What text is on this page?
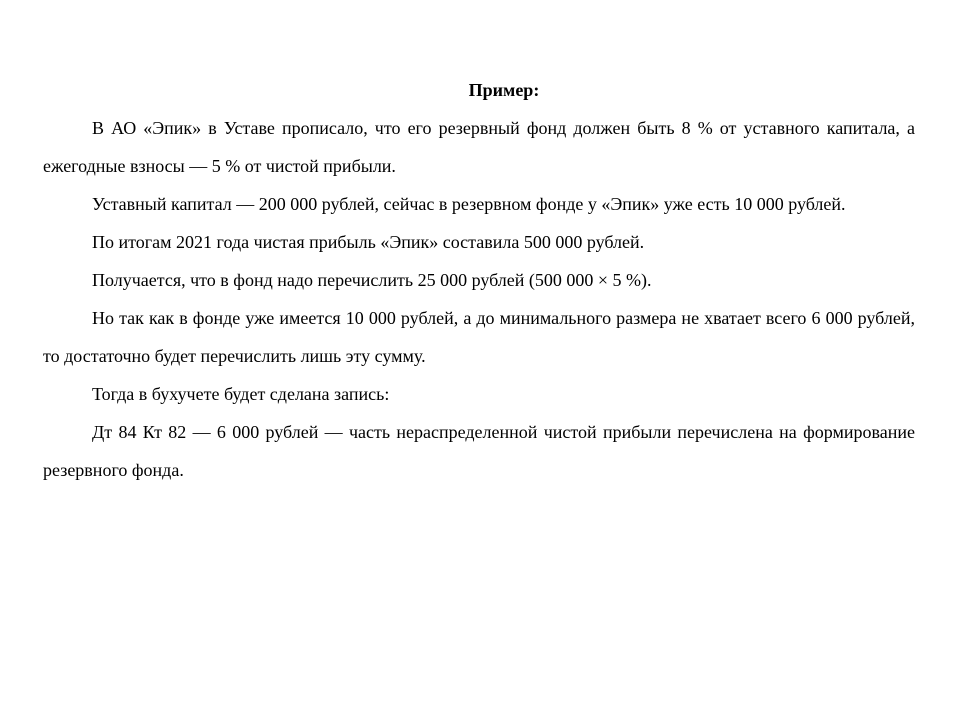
Пример:

В АО «Эпик» в Уставе прописало, что его резервный фонд должен быть 8 % от уставного капитала, а ежегодные взносы — 5 % от чистой прибыли.

Уставный капитал — 200 000 рублей, сейчас в резервном фонде у «Эпик» уже есть 10 000 рублей.

По итогам 2021 года чистая прибыль «Эпик» составила 500 000 рублей.

Получается, что в фонд надо перечислить 25 000 рублей (500 000 × 5 %).

Но так как в фонде уже имеется 10 000 рублей, а до минимального размера не хватает всего 6 000 рублей, то достаточно будет перечислить лишь эту сумму.

Тогда в бухучете будет сделана запись:

Дт 84 Кт 82 — 6 000 рублей — часть нераспределенной чистой прибыли перечислена на формирование резервного фонда.
